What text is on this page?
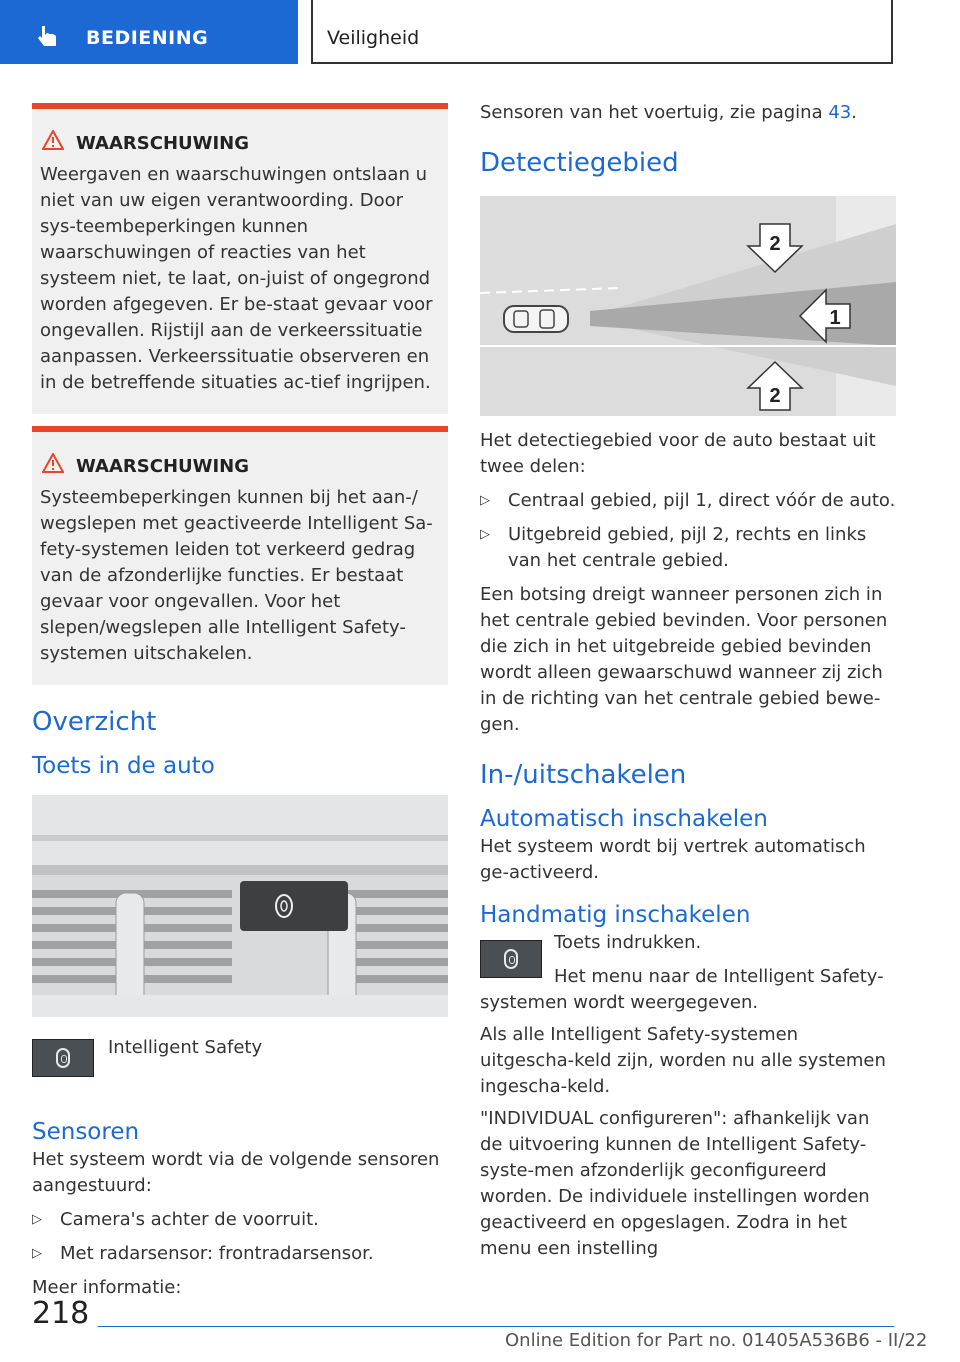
BEDIENING	Veiligheid
WAARSCHUWING

Weergaven en waarschuwingen ontslaan u niet van uw eigen verantwoording. Door sys-teembeperkingen kunnen waarschuwingen of reacties van het systeem niet, te laat, on-juist of ongegrond worden afgegeven. Er be-staat gevaar voor ongevallen. Rijstijl aan de verkeerssituatie aanpassen. Verkeerssituatie observeren en in de betreffende situaties ac-tief ingrijpen.

WAARSCHUWING

Systeembeperkingen kunnen bij het aan-/ wegslepen met geactiveerde Intelligent Sa-fety-systemen leiden tot verkeerd gedrag van de afzonderlijke functies. Er bestaat gevaar voor ongevallen. Voor het slepen/wegslepen alle Intelligent Safety-systemen uitschakelen.

Overzicht
Toets in de auto
Intelligent Safety
Sensoren
Het systeem wordt via de volgende sensoren aangestuurd:
▷ Camera's achter de voorruit.
▷ Met radarsensor: frontradarsensor.
Meer informatie:
Sensoren van het voertuig, zie pagina 43.
Detectiegebied
2
1
2
Het detectiegebied voor de auto bestaat uit twee delen:
▷ Centraal gebied, pijl 1, direct vóór de auto.
▷ Uitgebreid gebied, pijl 2, rechts en links van het centrale gebied.
Een botsing dreigt wanneer personen zich in het centrale gebied bevinden. Voor personen die zich in het uitgebreide gebied bevinden wordt alleen gewaarschuwd wanneer zij zich in de richting van het centrale gebied bewe-gen.
In-/uitschakelen
Automatisch inschakelen
Het systeem wordt bij vertrek automatisch ge-activeerd.
Handmatig inschakelen
Toets indrukken.
Het menu naar de Intelligent Safety-systemen wordt weergegeven.
Als alle Intelligent Safety-systemen uitgescha-keld zijn, worden nu alle systemen ingescha-keld.
"INDIVIDUAL configureren": afhankelijk van de uitvoering kunnen de Intelligent Safety-syste-men afzonderlijk geconfigureerd worden. De individuele instellingen worden geactiveerd en opgeslagen. Zodra in het menu een instelling
218
Online Edition for Part no. 01405A536B6 - II/22
